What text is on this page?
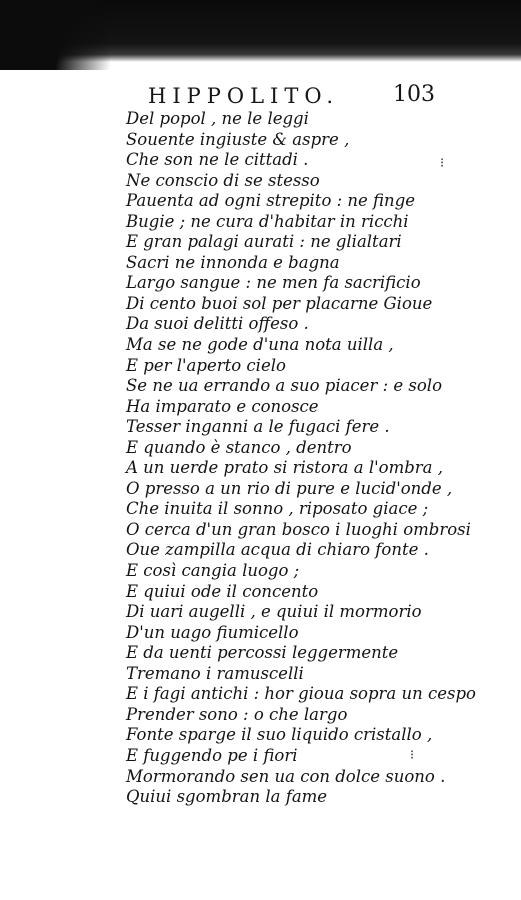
HIPPOLITO. 103
Del popol , ne le leggi
Souente ingiuste & aspre ,
Che son ne le cittadi .
Ne conscio di se stesso
Pauenta ad ogni strepito : ne finge
Bugie ; ne cura d'habitar in ricchi
E gran palagi aurati : ne glialtari
Sacri ne innonda e bagna
Largo sangue : ne men fa sacrificio
Di cento buoi sol per placarne Gioue
Da suoi delitti offeso .
Ma se ne gode d'una nota uilla ,
E per l'aperto cielo
Se ne ua errando a suo piacer : e solo
Ha imparato e conosce
Tesser inganni a le fugaci fere .
E quando è stanco , dentro
A un uerde prato si ristora a l'ombra ,
O presso a un rio di pure e lucid'onde ,
Che inuita il sonno , riposato giace ;
O cerca d'un gran bosco i luoghi ombrosi
Oue zampilla acqua di chiaro fonte .
E così cangia luogo ;
E quiui ode il concento
Di uari augelli , e quiui il mormorio
D'un uago fiumicello
E da uenti percossi leggermente
Tremano i ramuscelli
E i fagi antichi : hor gioua sopra un cespo
Prender sono : o che largo
Fonte sparge il suo liquido cristallo ,
E fuggendo pe i fiori
Mormorando sen ua con dolce suono .
Quiui sgombran la fame
⁝
⁝
